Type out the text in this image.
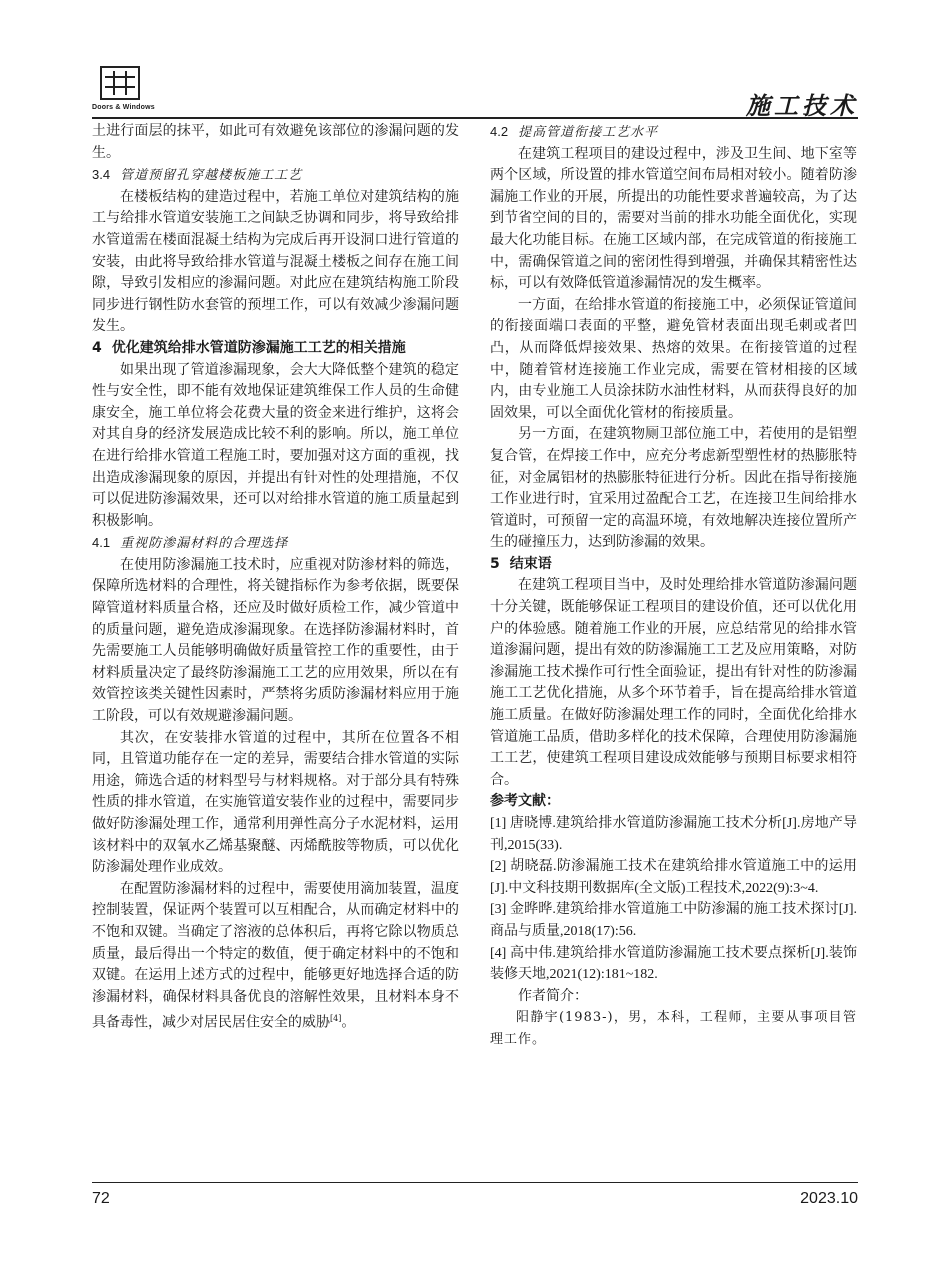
Doors & Windows	施工技术

土进行面层的抹平，如此可有效避免该部位的渗漏问题的发生。

3.4 管道预留孔穿越楼板施工工艺

在楼板结构的建造过程中，若施工单位对建筑结构的施工与给排水管道安装施工之间缺乏协调和同步，将导致给排水管道需在楼面混凝土结构为完成后再开设洞口进行管道的安装，由此将导致给排水管道与混凝土楼板之间存在施工间隙，导致引发相应的渗漏问题。对此应在建筑结构施工阶段同步进行钢性防水套管的预埋工作，可以有效减少渗漏问题发生。

4 优化建筑给排水管道防渗漏施工工艺的相关措施

如果出现了管道渗漏现象，会大大降低整个建筑的稳定性与安全性，即不能有效地保证建筑维保工作人员的生命健康安全，施工单位将会花费大量的资金来进行维护，这将会对其自身的经济发展造成比较不利的影响。所以，施工单位在进行给排水管道工程施工时，要加强对这方面的重视，找出造成渗漏现象的原因，并提出有针对性的处理措施，不仅可以促进防渗漏效果，还可以对给排水管道的施工质量起到积极影响。

4.1 重视防渗漏材料的合理选择

在使用防渗漏施工技术时，应重视对防渗材料的筛选，保障所选材料的合理性，将关键指标作为参考依据，既要保障管道材料质量合格，还应及时做好质检工作，减少管道中的质量问题，避免造成渗漏现象。在选择防渗漏材料时，首先需要施工人员能够明确做好质量管控工作的重要性，由于材料质量决定了最终防渗漏施工工艺的应用效果，所以在有效管控该类关键性因素时，严禁将劣质防渗漏材料应用于施工阶段，可以有效规避渗漏问题。

其次，在安装排水管道的过程中，其所在位置各不相同，且管道功能存在一定的差异，需要结合排水管道的实际用途，筛选合适的材料型号与材料规格。对于部分具有特殊性质的排水管道，在实施管道安装作业的过程中，需要同步做好防渗漏处理工作，通常利用弹性高分子水泥材料，运用该材料中的双氧水乙烯基聚醚、丙烯酰胺等物质，可以优化防渗漏处理作业成效。

在配置防渗漏材料的过程中，需要使用滴加装置，温度控制装置，保证两个装置可以互相配合，从而确定材料中的不饱和双键。当确定了溶液的总体积后，再将它除以物质总质量，最后得出一个特定的数值，便于确定材料中的不饱和双键。在运用上述方式的过程中，能够更好地选择合适的防渗漏材料，确保材料具备优良的溶解性效果，且材料本身不具备毒性，减少对居民居住安全的威胁[4]。

4.2 提高管道衔接工艺水平

在建筑工程项目的建设过程中，涉及卫生间、地下室等两个区域，所设置的排水管道空间布局相对较小。随着防渗漏施工作业的开展，所提出的功能性要求普遍较高，为了达到节省空间的目的，需要对当前的排水功能全面优化，实现最大化功能目标。在施工区域内部，在完成管道的衔接施工中，需确保管道之间的密闭性得到增强，并确保其精密性达标，可以有效降低管道渗漏情况的发生概率。

一方面，在给排水管道的衔接施工中，必须保证管道间的衔接面端口表面的平整，避免管材表面出现毛刺或者凹凸，从而降低焊接效果、热熔的效果。在衔接管道的过程中，随着管材连接施工作业完成，需要在管材相接的区域内，由专业施工人员涂抹防水油性材料，从而获得良好的加固效果，可以全面优化管材的衔接质量。

另一方面，在建筑物厕卫部位施工中，若使用的是铝塑复合管，在焊接工作中，应充分考虑新型塑性材的热膨胀特征，对金属铝材的热膨胀特征进行分析。因此在指导衔接施工作业进行时，宜采用过盈配合工艺，在连接卫生间给排水管道时，可预留一定的高温环境，有效地解决连接位置所产生的碰撞压力，达到防渗漏的效果。

5 结束语

在建筑工程项目当中，及时处理给排水管道防渗漏问题十分关键，既能够保证工程项目的建设价值，还可以优化用户的体验感。随着施工作业的开展，应总结常见的给排水管道渗漏问题，提出有效的防渗漏施工工艺及应用策略，对防渗漏施工技术操作可行性全面验证，提出有针对性的防渗漏施工工艺优化措施，从多个环节着手，旨在提高给排水管道施工质量。在做好防渗漏处理工作的同时，全面优化给排水管道施工品质，借助多样化的技术保障，合理使用防渗漏施工工艺，使建筑工程项目建设成效能够与预期目标要求相符合。

参考文献：

[1] 唐晓博.建筑给排水管道防渗漏施工技术分析[J].房地产导刊,2015(33).

[2] 胡晓磊.防渗漏施工技术在建筑给排水管道施工中的运用[J].中文科技期刊数据库(全文版)工程技术,2022(9):3~4.

[3] 金晔晔.建筑给排水管道施工中防渗漏的施工技术探讨[J].商品与质量,2018(17):56.

[4] 高中伟.建筑给排水管道防渗漏施工技术要点探析[J].装饰装修天地,2021(12):181~182.

作者简介：

阳静宇(1983-)，男，本科，工程师，主要从事项目管理工作。

72	2023.10
